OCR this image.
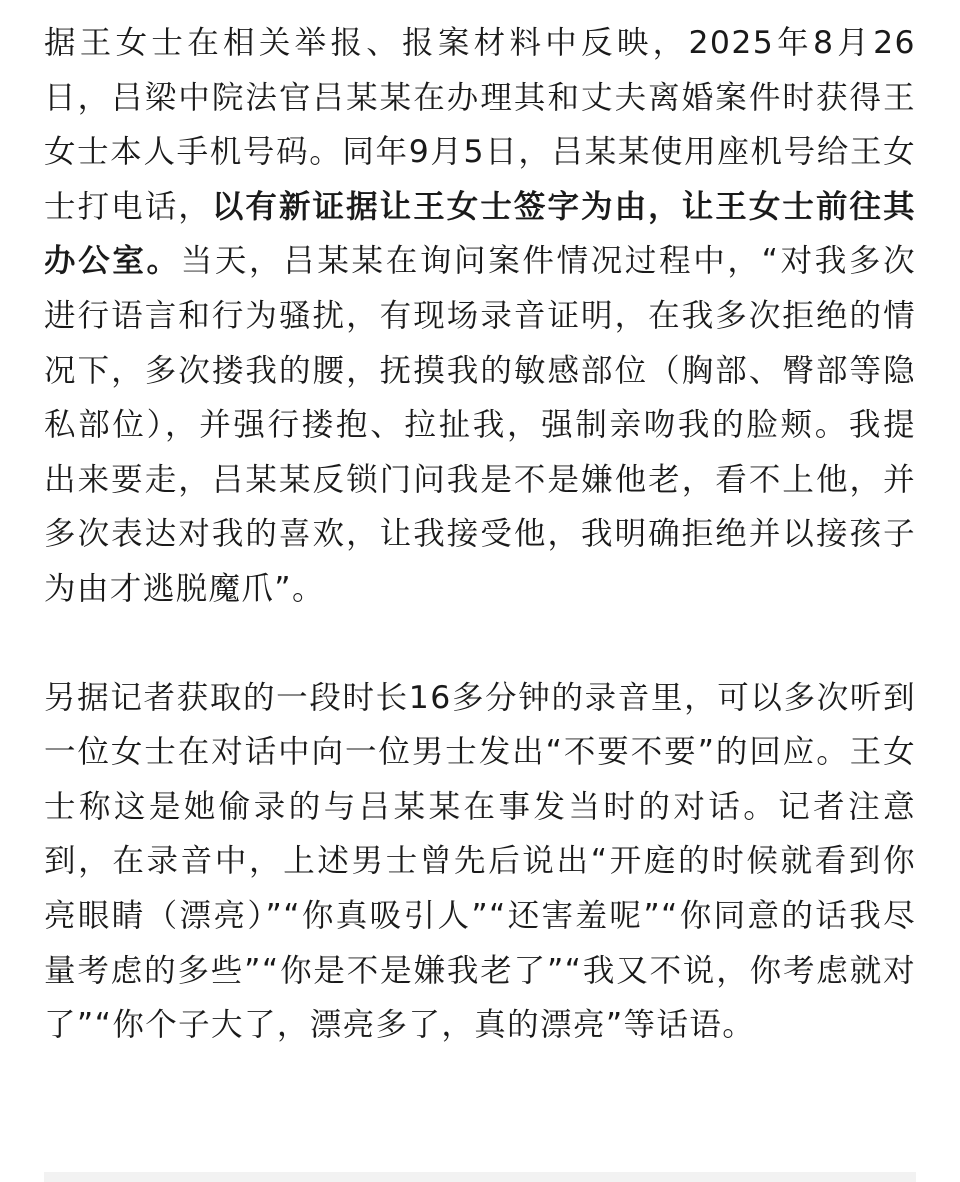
据王女士在相关举报、报案材料中反映，2025年8月26日，吕梁中院法官吕某某在办理其和丈夫离婚案件时获得王女士本人手机号码。同年9月5日，吕某某使用座机号给王女士打电话，以有新证据让王女士签字为由，让王女士前往其办公室。当天，吕某某在询问案件情况过程中，“对我多次进行语言和行为骚扰，有现场录音证明，在我多次拒绝的情况下，多次搂我的腰，抚摸我的敏感部位（胸部、臀部等隐私部位），并强行搂抱、拉扯我，强制亲吻我的脸颊。我提出来要走，吕某某反锁门问我是不是嫌他老，看不上他，并多次表达对我的喜欢，让我接受他，我明确拒绝并以接孩子为由才逃脱魔爪”。

另据记者获取的一段时长16多分钟的录音里，可以多次听到一位女士在对话中向一位男士发出“不要不要”的回应。王女士称这是她偷录的与吕某某在事发当时的对话。记者注意到，在录音中，上述男士曾先后说出“开庭的时候就看到你亮眼睛（漂亮）”“你真吸引人”“还害羞呢”“你同意的话我尽量考虑的多些”“你是不是嫌我老了”“我又不说，你考虑就对了”“你个子大了，漂亮多了，真的漂亮”等话语。
